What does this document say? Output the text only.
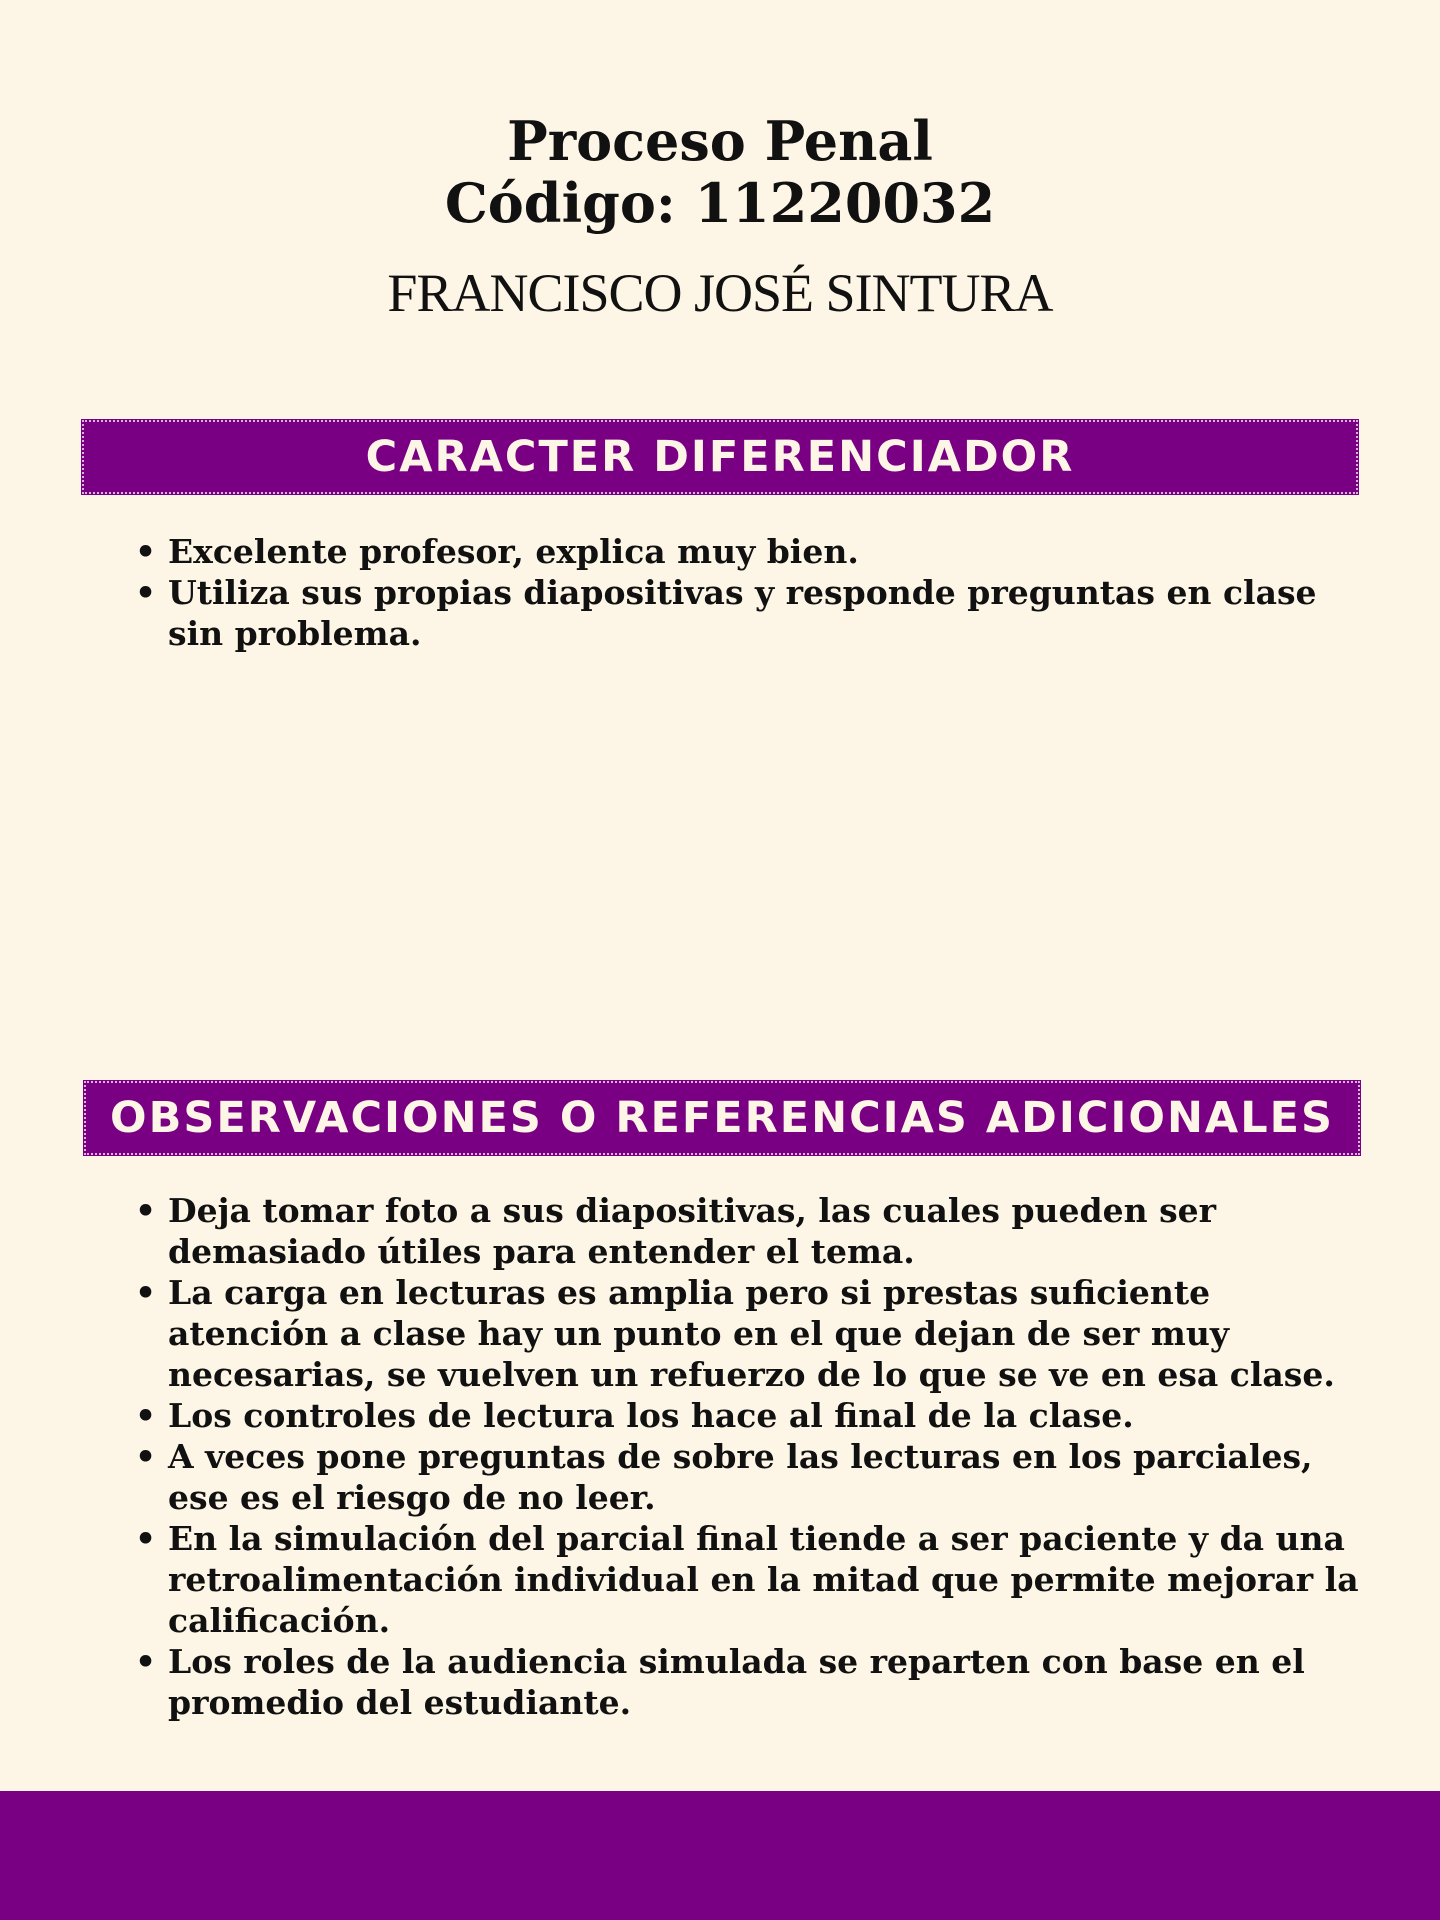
Proceso Penal
Código: 11220032
FRANCISCO JOSÉ SINTURA
CARACTER DIFERENCIADOR
• Excelente profesor, explica muy bien.
• Utiliza sus propias diapositivas y responde preguntas en clase sin problema.
OBSERVACIONES O REFERENCIAS ADICIONALES
• Deja tomar foto a sus diapositivas, las cuales pueden ser demasiado útiles para entender el tema.
• La carga en lecturas es amplia pero si prestas suficiente atención a clase hay un punto en el que dejan de ser muy necesarias, se vuelven un refuerzo de lo que se ve en esa clase.
• Los controles de lectura los hace al final de la clase.
• A veces pone preguntas de sobre las lecturas en los parciales, ese es el riesgo de no leer.
• En la simulación del parcial final tiende a ser paciente y da una retroalimentación individual en la mitad que permite mejorar la calificación.
• Los roles de la audiencia simulada se reparten con base en el promedio del estudiante.
